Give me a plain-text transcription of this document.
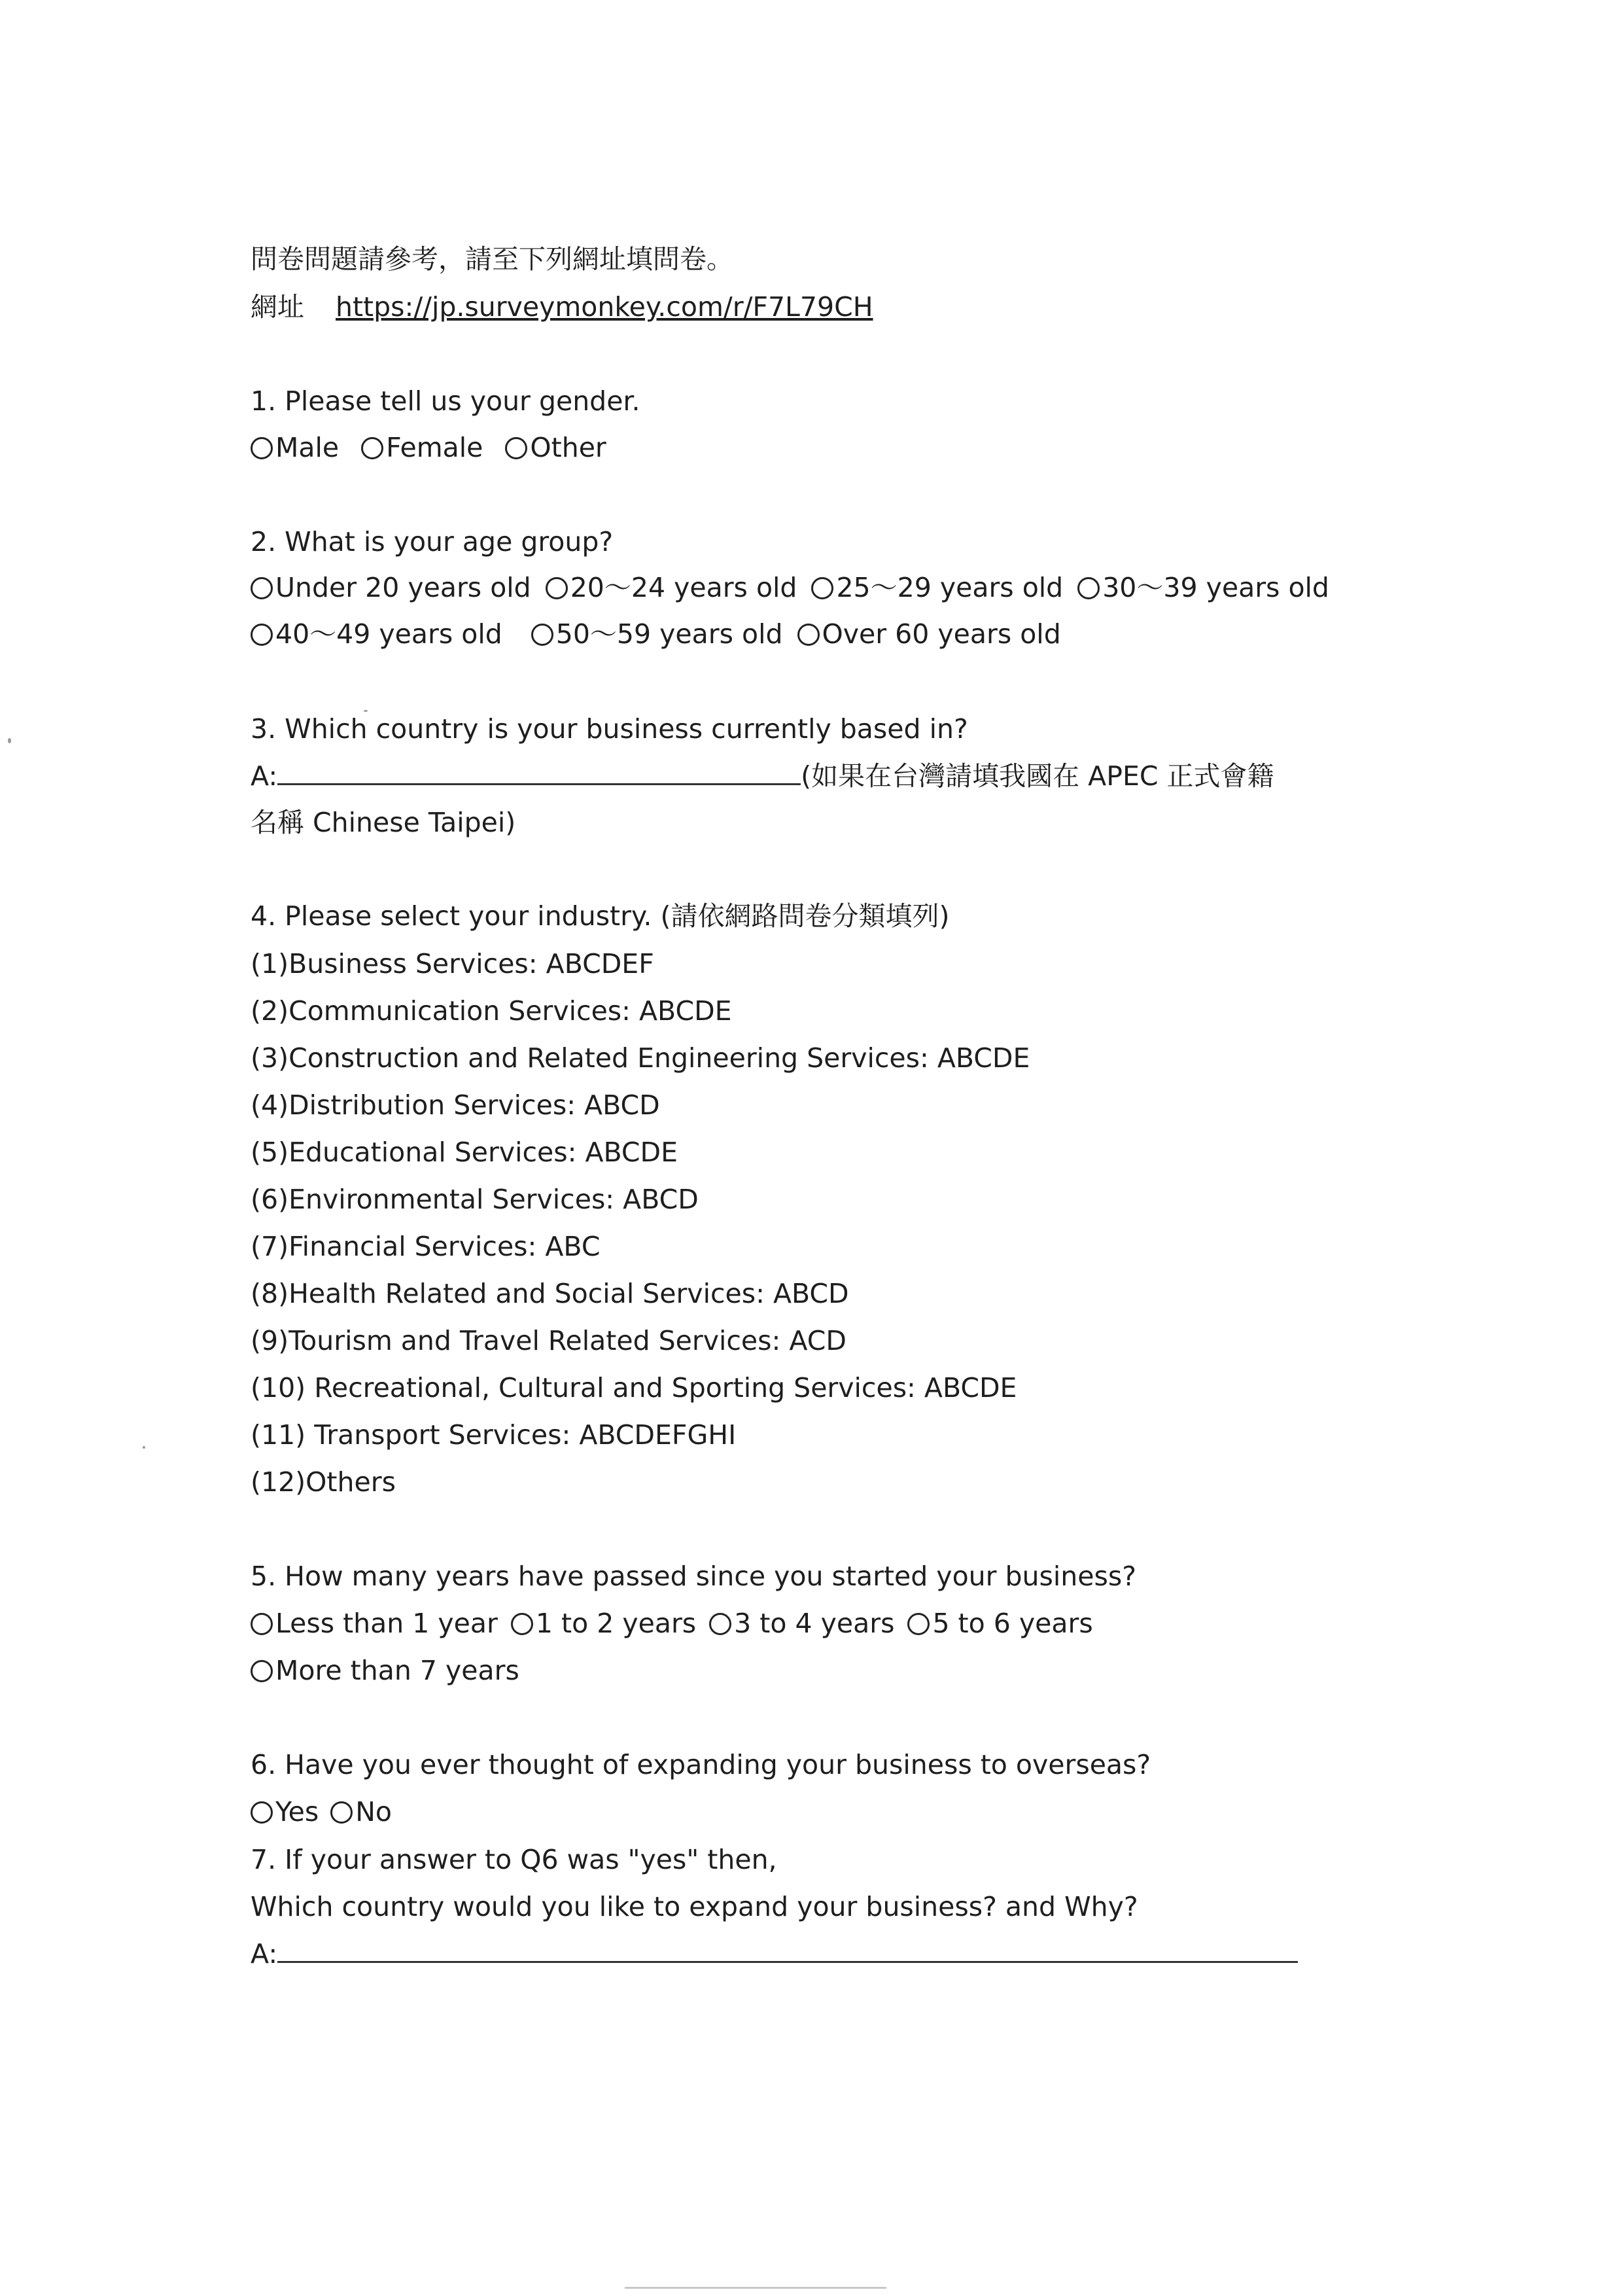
問卷問題請參考，請至下列網址填問卷。

網址 https://jp.surveymonkey.com/r/F7L79CH

1. Please tell us your gender.

Male Female Other

2. What is your age group?

Under 20 years old 20～24 years old 25～29 years old 30～39 years old

40～49 years old 50～59 years old Over 60 years old

3. Which country is your business currently based in?

A:	(如果在台灣請填我國在 APEC 正式會籍

名稱 Chinese Taipei)

4. Please select your industry. (請依網路問卷分類填列)

(1)Business Services: ABCDEF

(2)Communication Services: ABCDE

(3)Construction and Related Engineering Services: ABCDE

(4)Distribution Services: ABCD

(5)Educational Services: ABCDE

(6)Environmental Services: ABCD

(7)Financial Services: ABC

(8)Health Related and Social Services: ABCD

(9)Tourism and Travel Related Services: ACD

(10) Recreational, Cultural and Sporting Services: ABCDE

(11) Transport Services: ABCDEFGHI

(12)Others

5. How many years have passed since you started your business?

Less than 1 year 1 to 2 years 3 to 4 years 5 to 6 years

More than 7 years

6. Have you ever thought of expanding your business to overseas?

Yes No

7. If your answer to Q6 was "yes" then,

Which country would you like to expand your business? and Why?

A:
